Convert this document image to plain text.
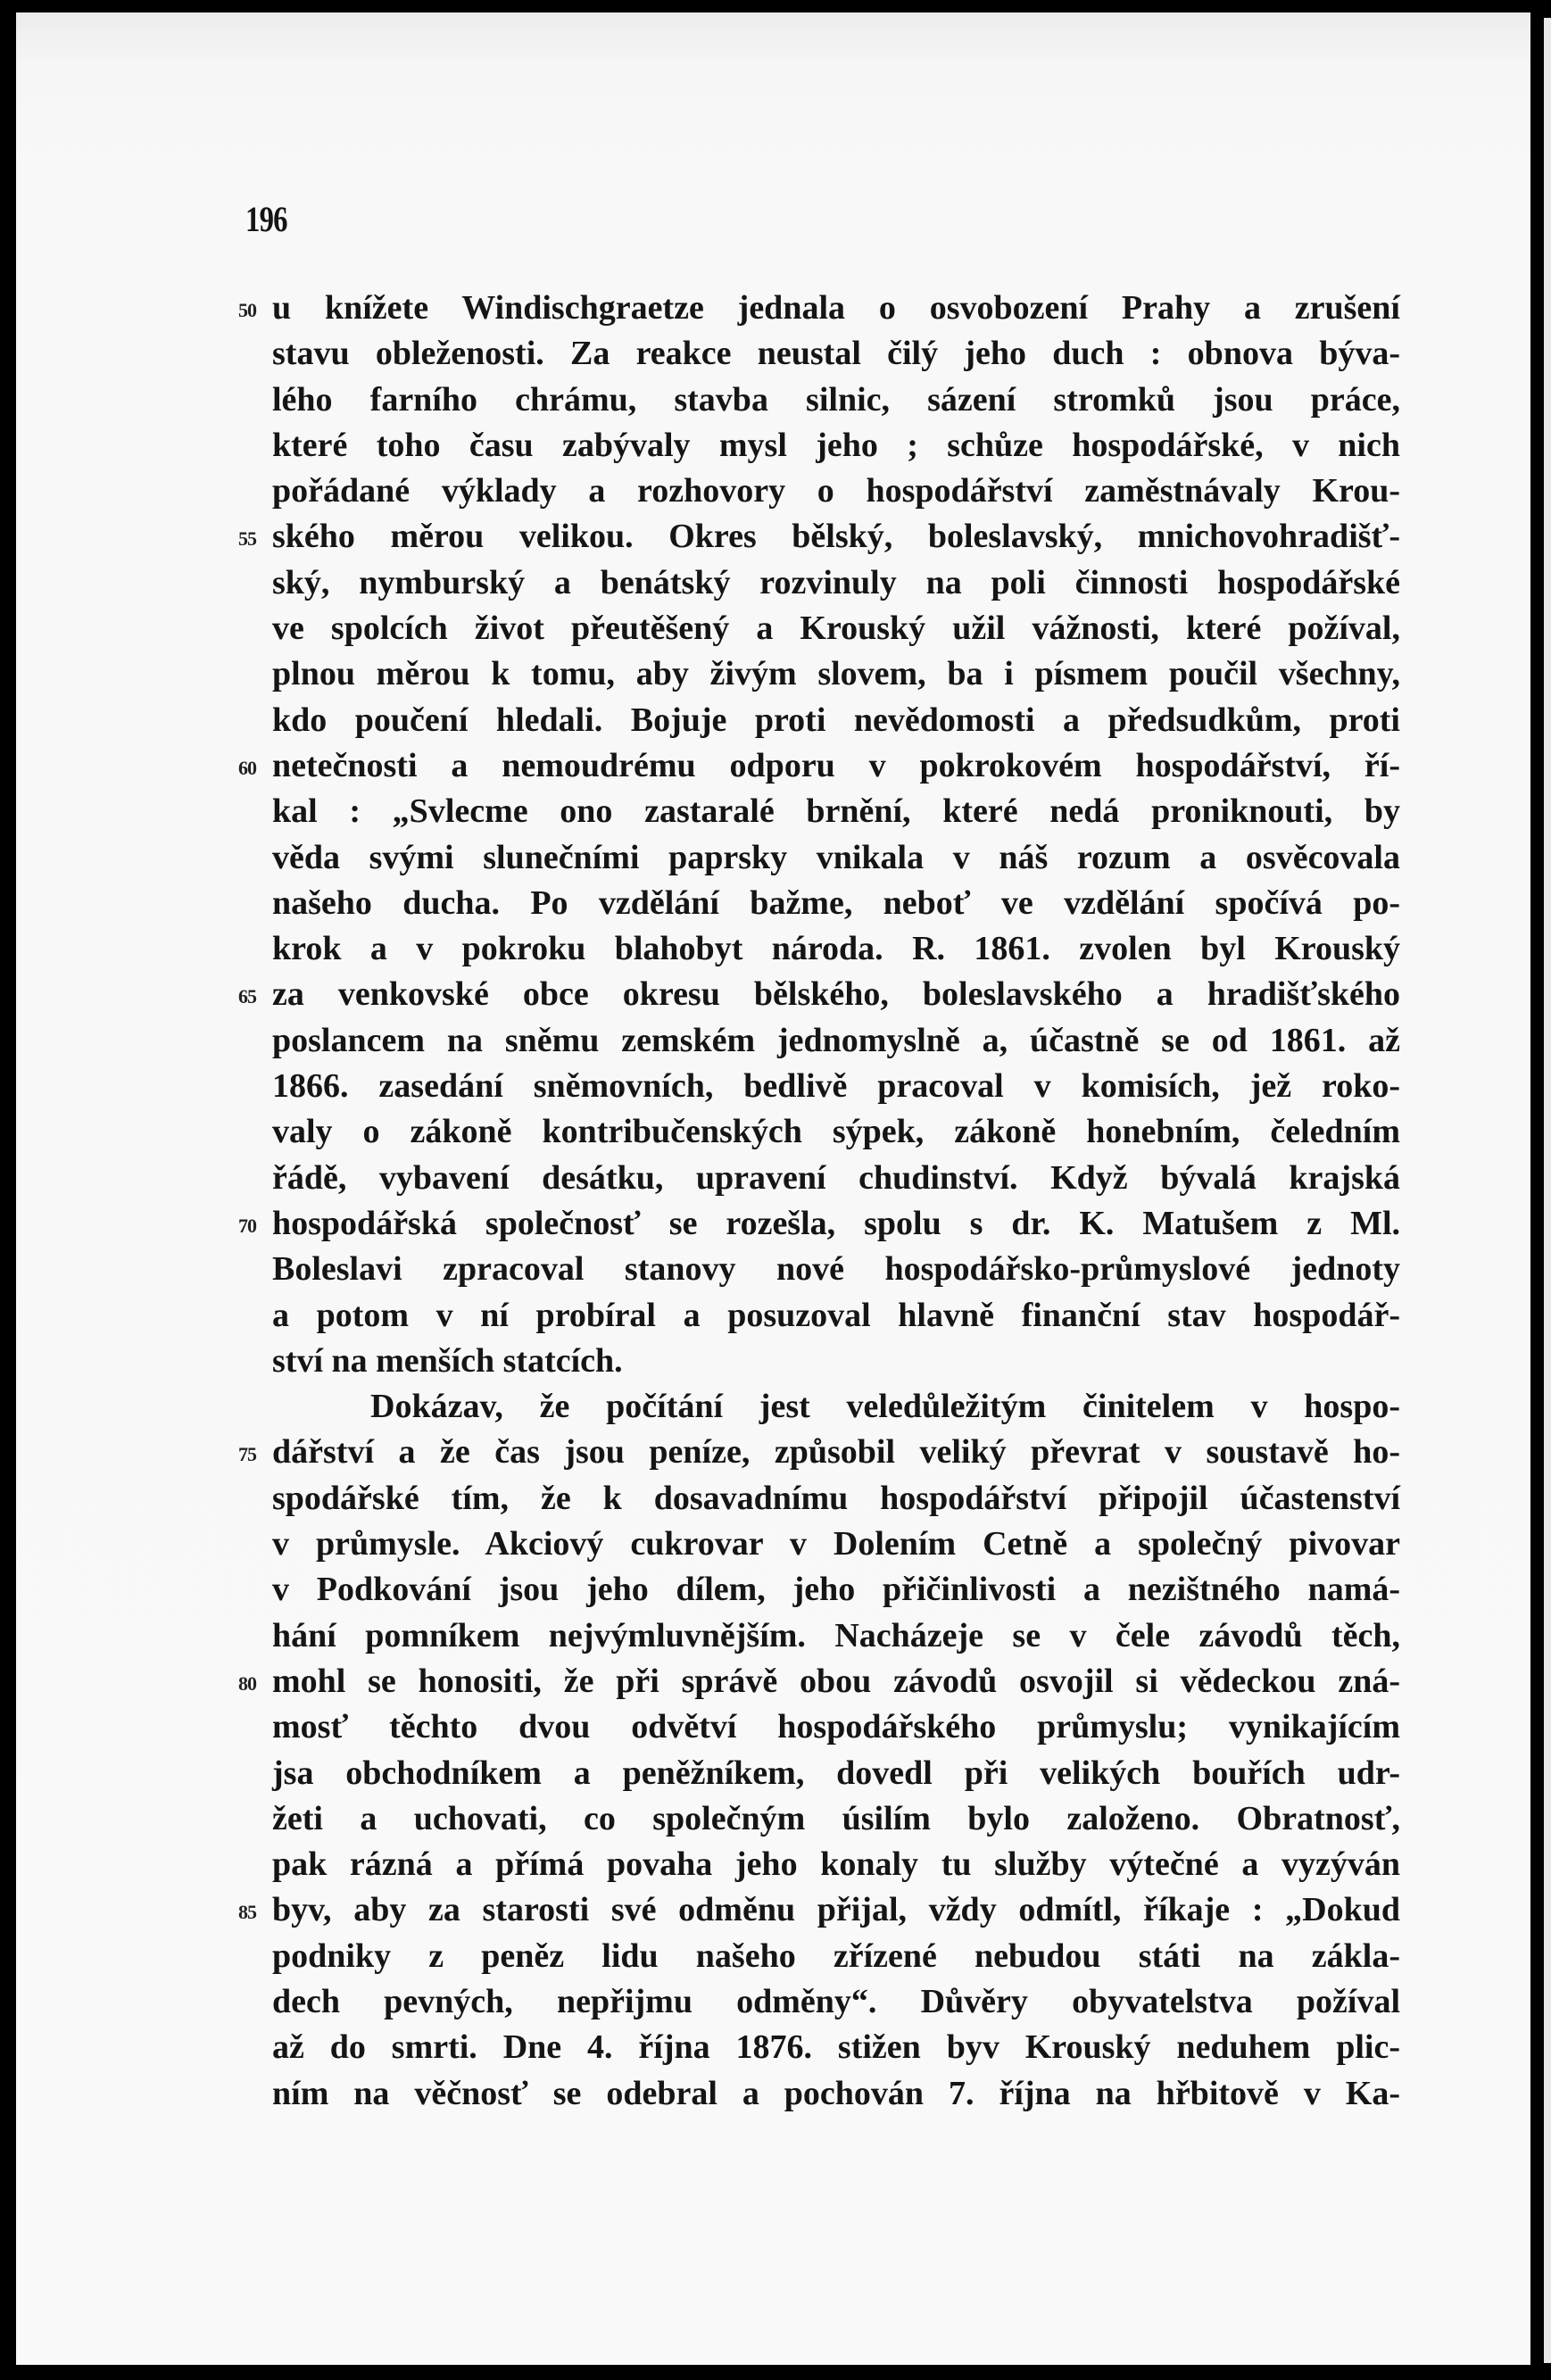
196
50 u knížete Windischgraetze jednala o osvobození Prahy a zrušení
stavu obleženosti. Za reakce neustal čilý jeho duch : obnova býva-
lého farního chrámu, stavba silnic, sázení stromků jsou práce,
které toho času zabývaly mysl jeho ; schůze hospodářské, v nich
pořádané výklady a rozhovory o hospodářství zaměstnávaly Krou-
55 ského měrou velikou. Okres bělský, boleslavský, mnichovohradišť-
ský, nymburský a benátský rozvinuly na poli činnosti hospodářské
ve spolcích život přeutěšený a Krouský užil vážnosti, které požíval,
plnou měrou k tomu, aby živým slovem, ba i písmem poučil všechny,
kdo poučení hledali. Bojuje proti nevědomosti a předsudkům, proti
60 netečnosti a nemoudrému odporu v pokrokovém hospodářství, ří-
kal : „Svlecme ono zastaralé brnění, které nedá proniknouti, by
věda svými slunečními paprsky vnikala v náš rozum a osvěcovala
našeho ducha. Po vzdělání bažme, neboť ve vzdělání spočívá po-
krok a v pokroku blahobyt národa. R. 1861. zvolen byl Krouský
65 za venkovské obce okresu bělského, boleslavského a hradišťského
poslancem na sněmu zemském jednomyslně a, účastně se od 1861. až
1866. zasedání sněmovních, bedlivě pracoval v komisích, jež roko-
valy o zákoně kontribučenských sýpek, zákoně honebním, čeledním
řádě, vybavení desátku, upravení chudinství. Když bývalá krajská
70 hospodářská společnosť se rozešla, spolu s dr. K. Matušem z Ml.
Boleslavi zpracoval stanovy nové hospodářsko-průmyslové jednoty
a potom v ní probíral a posuzoval hlavně finanční stav hospodář-
ství na menších statcích.
Dokázav, že počítání jest veledůležitým činitelem v hospo-
75 dářství a že čas jsou peníze, způsobil veliký převrat v soustavě ho-
spodářské tím, že k dosavadnímu hospodářství připojil účastenství
v průmysle. Akciový cukrovar v Dolením Cetně a společný pivovar
v Podkování jsou jeho dílem, jeho přičinlivosti a nezištného namá-
hání pomníkem nejvýmluvnějším. Nacházeje se v čele závodů těch,
80 mohl se honositi, že při správě obou závodů osvojil si vědeckou zná-
mosť těchto dvou odvětví hospodářského průmyslu; vynikajícím
jsa obchodníkem a peněžníkem, dovedl při velikých bouřích udr-
žeti a uchovati, co společným úsilím bylo založeno. Obratnosť,
pak rázná a přímá povaha jeho konaly tu služby výtečné a vyzýván
85 byv, aby za starosti své odměnu přijal, vždy odmítl, říkaje : „Dokud
podniky z peněz lidu našeho zřízené nebudou státi na zákla-
dech pevných, nepřijmu odměny“. Důvěry obyvatelstva požíval
až do smrti. Dne 4. října 1876. stižen byv Krouský neduhem plic-
ním na věčnosť se odebral a pochován 7. října na hřbitově v Ka-
